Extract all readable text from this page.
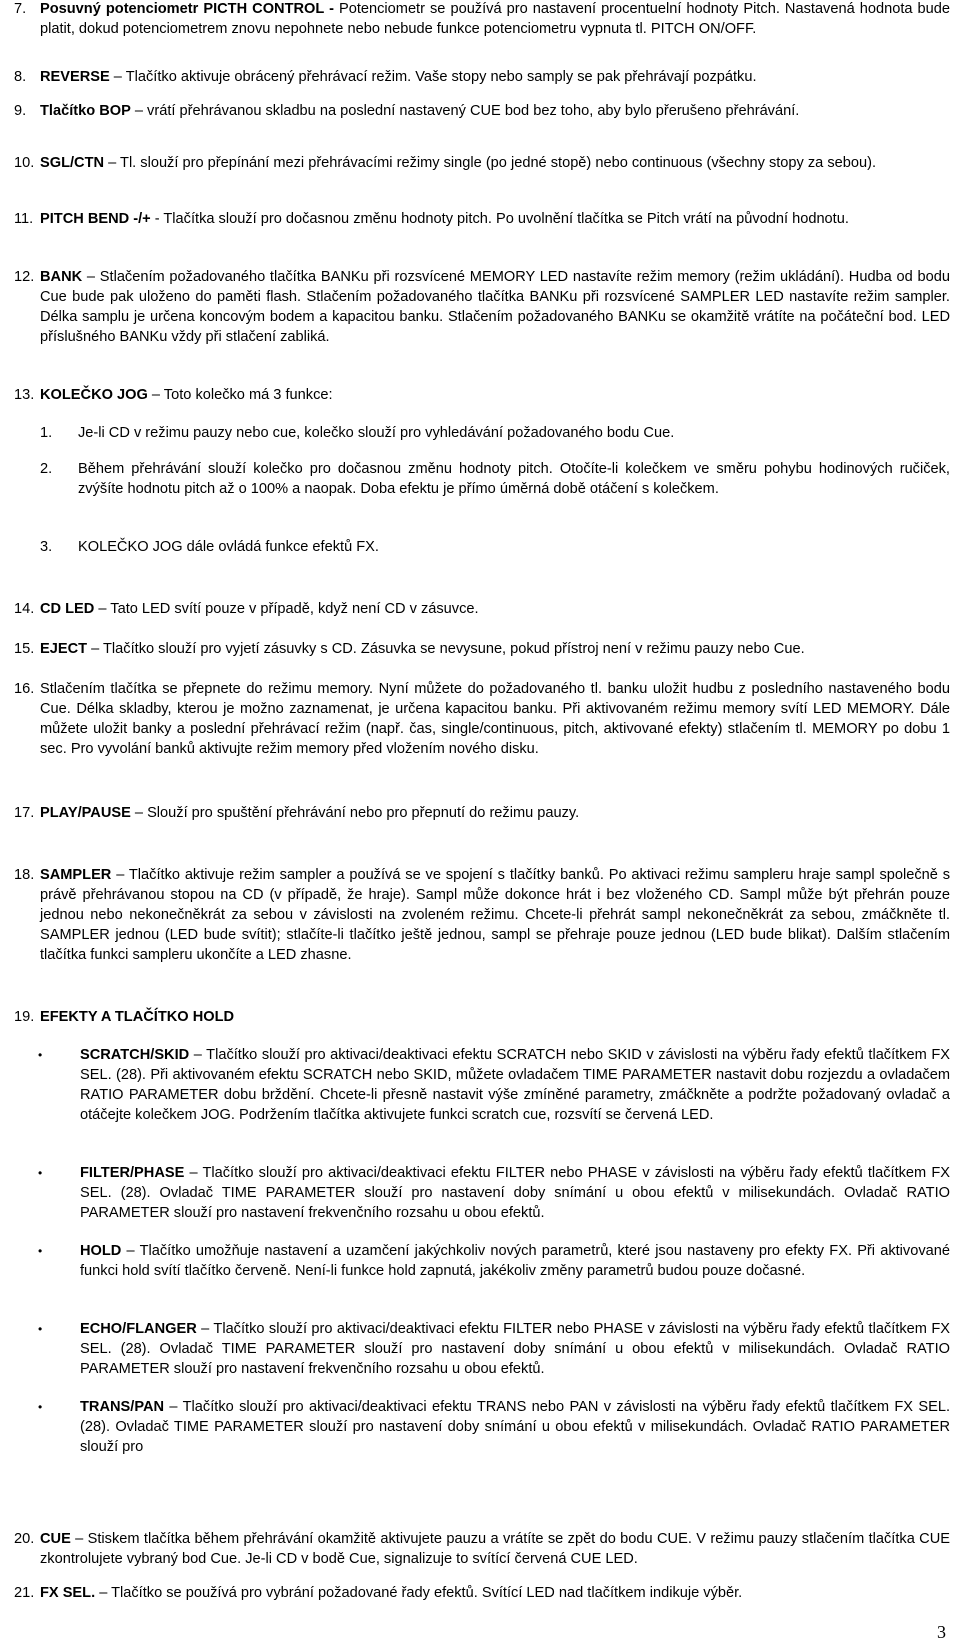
7. Posuvný potenciometr PICTH CONTROL - Potenciometr se používá pro nastavení procentuelní hodnoty Pitch. Nastavená hodnota bude platit, dokud potenciometrem znovu nepohnete nebo nebude funkce potenciometru vypnuta tl. PITCH ON/OFF.
8. REVERSE – Tlačítko aktivuje obrácený přehrávací režim. Vaše stopy nebo samply se pak přehrávají pozpátku.
9. Tlačítko BOP – vrátí přehrávanou skladbu na poslední nastavený CUE bod bez toho, aby bylo přerušeno přehrávání.
10. SGL/CTN – Tl. slouží pro přepínání mezi přehrávacími režimy single (po jedné stopě) nebo continuous (všechny stopy za sebou).
11. PITCH BEND -/+ - Tlačítka slouží pro dočasnou změnu hodnoty pitch. Po uvolnění tlačítka se Pitch vrátí na původní hodnotu.
12. BANK – Stlačením požadovaného tlačítka BANKu při rozsvícené MEMORY LED nastavíte režim memory (režim ukládání). Hudba od bodu Cue bude pak uloženo do paměti flash. Stlačením požadovaného tlačítka BANKu při rozsvícené SAMPLER LED nastavíte režim sampler. Délka samplu je určena koncovým bodem a kapacitou banku. Stlačením požadovaného BANKu se okamžitě vrátíte na počáteční bod. LED příslušného BANKu vždy při stlačení zabliká.
13. KOLEČKO JOG – Toto kolečko má 3 funkce:
1. Je-li CD v režimu pauzy nebo cue, kolečko slouží pro vyhledávání požadovaného bodu Cue.
2. Během přehrávání slouží kolečko pro dočasnou změnu hodnoty pitch. Otočíte-li kolečkem ve směru pohybu hodinových ručiček, zvýšíte hodnotu pitch až o 100% a naopak. Doba efektu je přímo úměrná době otáčení s kolečkem.
3. KOLEČKO JOG dále ovládá funkce efektů FX.
14. CD LED – Tato LED svítí pouze v případě, když není CD v zásuvce.
15. EJECT – Tlačítko slouží pro vyjetí zásuvky s CD. Zásuvka se nevysune, pokud přístroj není v režimu pauzy nebo Cue.
16. Stlačením tlačítka se přepnete do režimu memory. Nyní můžete do požadovaného tl. banku uložit hudbu z posledního nastaveného bodu Cue. Délka skladby, kterou je možno zaznamenat, je určena kapacitou banku. Při aktivovaném režimu memory svítí LED MEMORY. Dále můžete uložit banky a poslední přehrávací režim (např. čas, single/continuous, pitch, aktivované efekty) stlačením tl. MEMORY po dobu 1 sec. Pro vyvolání banků aktivujte režim memory před vložením nového disku.
17. PLAY/PAUSE – Slouží pro spuštění přehrávání nebo pro přepnutí do režimu pauzy.
18. SAMPLER – Tlačítko aktivuje režim sampler a používá se ve spojení s tlačítky banků. Po aktivaci režimu sampleru hraje sampl společně s právě přehrávanou stopou na CD (v případě, že hraje). Sampl může dokonce hrát i bez vloženého CD. Sampl může být přehrán pouze jednou nebo nekonečněkrát za sebou v závislosti na zvoleném režimu. Chcete-li přehrát sampl nekonečněkrát za sebou, zmáčkněte tl. SAMPLER jednou (LED bude svítit); stlačíte-li tlačítko ještě jednou, sampl se přehraje pouze jednou (LED bude blikat). Dalším stlačením tlačítka funkci sampleru ukončíte a LED zhasne.
19. EFEKTY A TLAČÍTKO HOLD
•	SCRATCH/SKID – Tlačítko slouží pro aktivaci/deaktivaci efektu SCRATCH nebo SKID v závislosti na výběru řady efektů tlačítkem FX SEL. (28). Při aktivovaném efektu SCRATCH nebo SKID, můžete ovladačem TIME PARAMETER nastavit dobu rozjezdu a ovladačem RATIO PARAMETER dobu brždění. Chcete-li přesně nastavit výše zmíněné parametry, zmáčkněte a podržte požadovaný ovladač a otáčejte kolečkem JOG. Podržením tlačítka aktivujete funkci scratch cue, rozsvítí se červená LED.
•	FILTER/PHASE – Tlačítko slouží pro aktivaci/deaktivaci efektu FILTER nebo PHASE v závislosti na výběru řady efektů tlačítkem FX SEL. (28). Ovladač TIME PARAMETER slouží pro nastavení doby snímání u obou efektů v milisekundách. Ovladač RATIO PARAMETER slouží pro nastavení frekvenčního rozsahu u obou efektů.
•	HOLD – Tlačítko umožňuje nastavení a uzamčení jakýchkoliv nových parametrů, které jsou nastaveny pro efekty FX. Při aktivované funkci hold svítí tlačítko červeně. Není-li funkce hold zapnutá, jakékoliv změny parametrů budou pouze dočasné.
•	ECHO/FLANGER – Tlačítko slouží pro aktivaci/deaktivaci efektu FILTER nebo PHASE v závislosti na výběru řady efektů tlačítkem FX SEL. (28). Ovladač TIME PARAMETER slouží pro nastavení doby snímání u obou efektů v milisekundách. Ovladač RATIO PARAMETER slouží pro nastavení frekvenčního rozsahu u obou efektů.
•	TRANS/PAN – Tlačítko slouží pro aktivaci/deaktivaci efektu TRANS nebo PAN v závislosti na výběru řady efektů tlačítkem FX SEL. (28). Ovladač TIME PARAMETER slouží pro nastavení doby snímání u obou efektů v milisekundách. Ovladač RATIO PARAMETER slouží pro
20. CUE – Stiskem tlačítka během přehrávání okamžitě aktivujete pauzu a vrátíte se zpět do bodu CUE. V režimu pauzy stlačením tlačítka CUE zkontrolujete vybraný bod Cue. Je-li CD v bodě Cue, signalizuje to svítící červená CUE LED.
21. FX SEL. – Tlačítko se používá pro vybrání požadované řady efektů. Svítící LED nad tlačítkem indikuje výběr.
3
